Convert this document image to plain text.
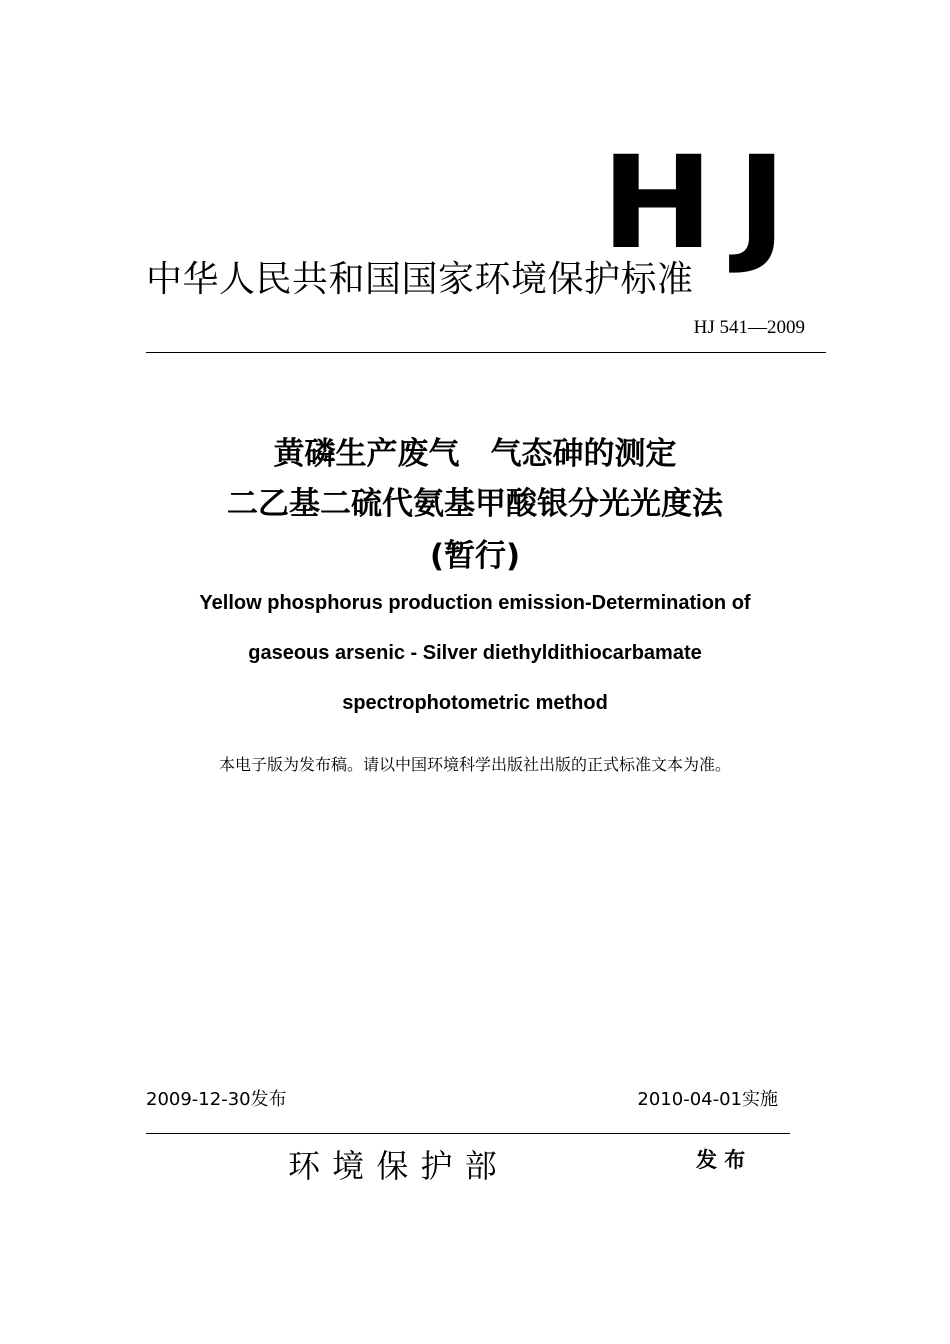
HJ
中华人民共和国国家环境保护标准
HJ 541—2009
黄磷生产废气　气态砷的测定
二乙基二硫代氨基甲酸银分光光度法
(暂行)
Yellow phosphorus production emission-Determination of
gaseous arsenic - Silver diethyldithiocarbamate
spectrophotometric method
本电子版为发布稿。请以中国环境科学出版社出版的正式标准文本为准。
2009-12-30发布	2010-04-01实施
环 境 保 护 部	发 布
